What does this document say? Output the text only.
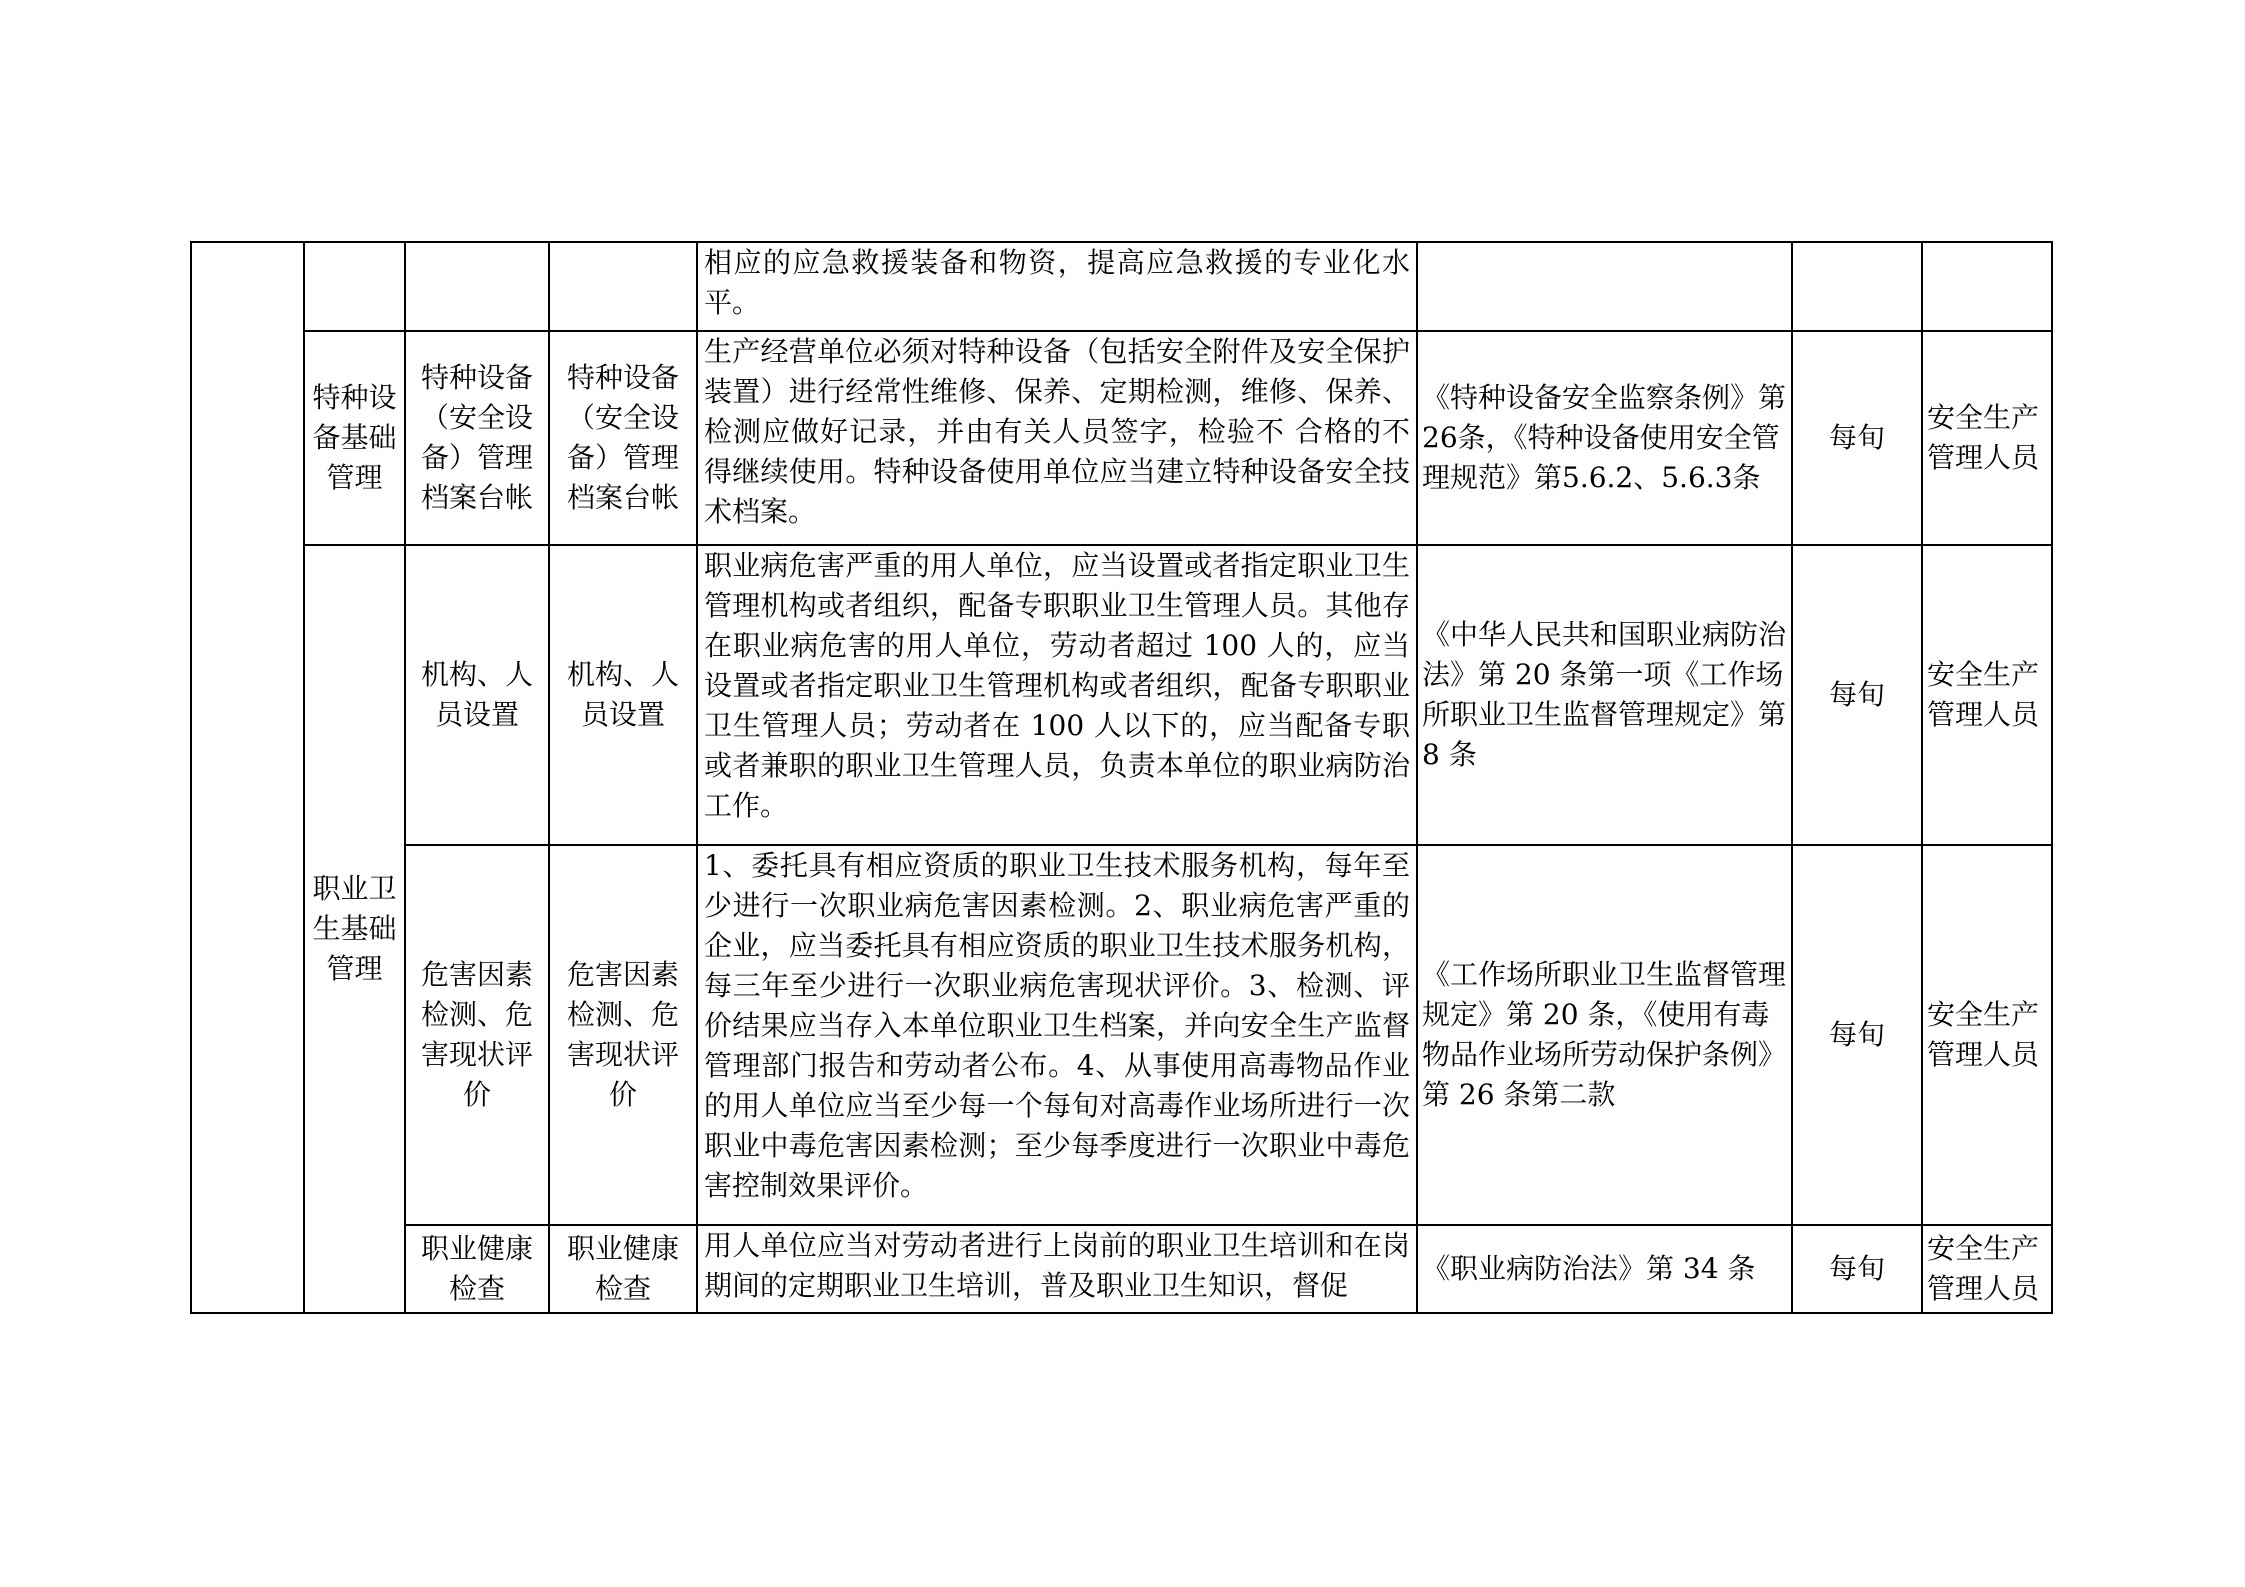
				相应的应急救援装备和物资，提高应急救援的专业化水平。			

	特种设备基础管理	特种设备（安全设备）管理档案台帐	特种设备（安全设备）管理档案台帐	生产经营单位必须对特种设备（包括安全附件及安全保护装置）进行经常性维修、保养、定期检测，维修、保养、检测应做好记录，并由有关人员签字，检验不 合格的不得继续使用。特种设备使用单位应当建立特种设备安全技术档案。	《特种设备安全监察条例》第26条，《特种设备使用安全管理规范》第5.6.2、5.6.3条	每旬	安全生产管理人员
	职业卫生基础管理	机构、人员设置	机构、人员设置	职业病危害严重的用人单位，应当设置或者指定职业卫生管理机构或者组织，配备专职职业卫生管理人员。其他存在职业病危害的用人单位，劳动者超过 100 人的，应当设置或者指定职业卫生管理机构或者组织，配备专职职业卫生管理人员；劳动者在 100 人以下的，应当配备专职或者兼职的职业卫生管理人员，负责本单位的职业病防治工作。	《中华人民共和国职业病防治法》第 20 条第一项《工作场所职业卫生监督管理规定》第 8 条	每旬	安全生产管理人员
		危害因素检测、危害现状评价	危害因素检测、危害现状评价	1、委托具有相应资质的职业卫生技术服务机构，每年至少进行一次职业病危害因素检测。2、职业病危害严重的企业，应当委托具有相应资质的职业卫生技术服务机构，每三年至少进行一次职业病危害现状评价。3、检测、评价结果应当存入本单位职业卫生档案，并向安全生产监督管理部门报告和劳动者公布。4、从事使用高毒物品作业的用人单位应当至少每一个每旬对高毒作业场所进行一次职业中毒危害因素检测；至少每季度进行一次职业中毒危害控制效果评价。	《工作场所职业卫生监督管理规定》第 20 条，《使用有毒物品作业场所劳动保护条例》第 26 条第二款	每旬	安全生产管理人员
		职业健康检查	职业健康检查	用人单位应当对劳动者进行上岗前的职业卫生培训和在岗期间的定期职业卫生培训，普及职业卫生知识，督促	《职业病防治法》第 34 条	每旬	安全生产管理人员
